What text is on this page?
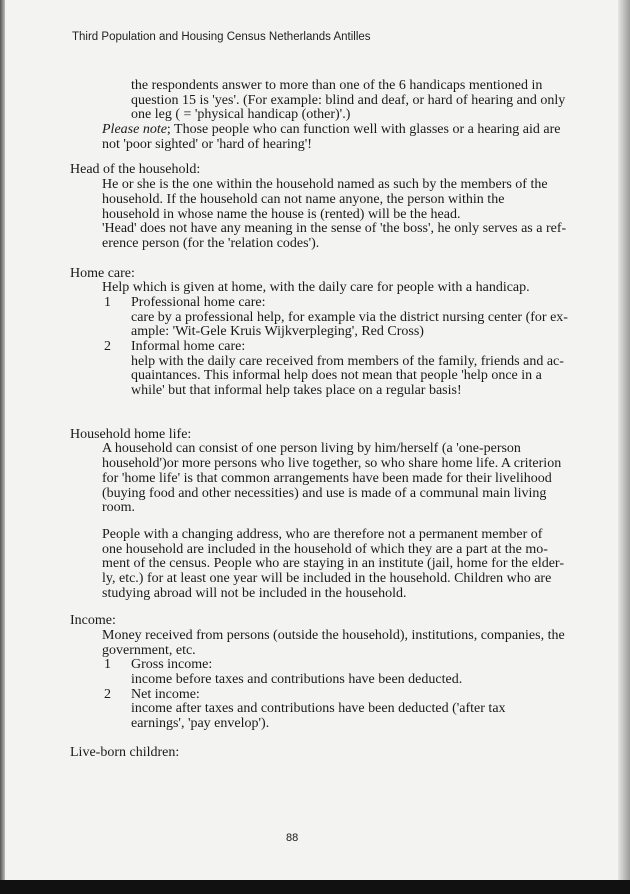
Third Population and Housing Census Netherlands Antilles
the respondents answer to more than one of the 6 handicaps mentioned in
question 15 is 'yes'. (For example: blind and deaf, or hard of hearing and only
one leg ( = 'physical handicap (other)'.)
Please note; Those people who can function well with glasses or a hearing aid are
not 'poor sighted' or 'hard of hearing'!
Head of the household:
He or she is the one within the household named as such by the members of the
household. If the household can not name anyone, the person within the
household in whose name the house is (rented) will be the head.
'Head' does not have any meaning in the sense of 'the boss', he only serves as a ref-
erence person (for the 'relation codes').
Home care:
Help which is given at home, with the daily care for people with a handicap.
1	Professional home care:
care by a professional help, for example via the district nursing center (for ex-
ample: 'Wit-Gele Kruis Wijkverpleging', Red Cross)
2	Informal home care:
help with the daily care received from members of the family, friends and ac-
quaintances. This informal help does not mean that people 'help once in a
while' but that informal help takes place on a regular basis!
Household home life:
A household can consist of one person living by him/herself (a 'one-person
household')or more persons who live together, so who share home life. A criterion
for 'home life' is that common arrangements have been made for their livelihood
(buying food and other necessities) and use is made of a communal main living
room.
People with a changing address, who are therefore not a permanent member of
one household are included in the household of which they are a part at the mo-
ment of the census. People who are staying in an institute (jail, home for the elder-
ly, etc.) for at least one year will be included in the household. Children who are
studying abroad will not be included in the household.
Income:
Money received from persons (outside the household), institutions, companies, the
government, etc.
1	Gross income:
income before taxes and contributions have been deducted.
2	Net income:
income after taxes and contributions have been deducted ('after tax
earnings', 'pay envelop').
Live-born children:
88
